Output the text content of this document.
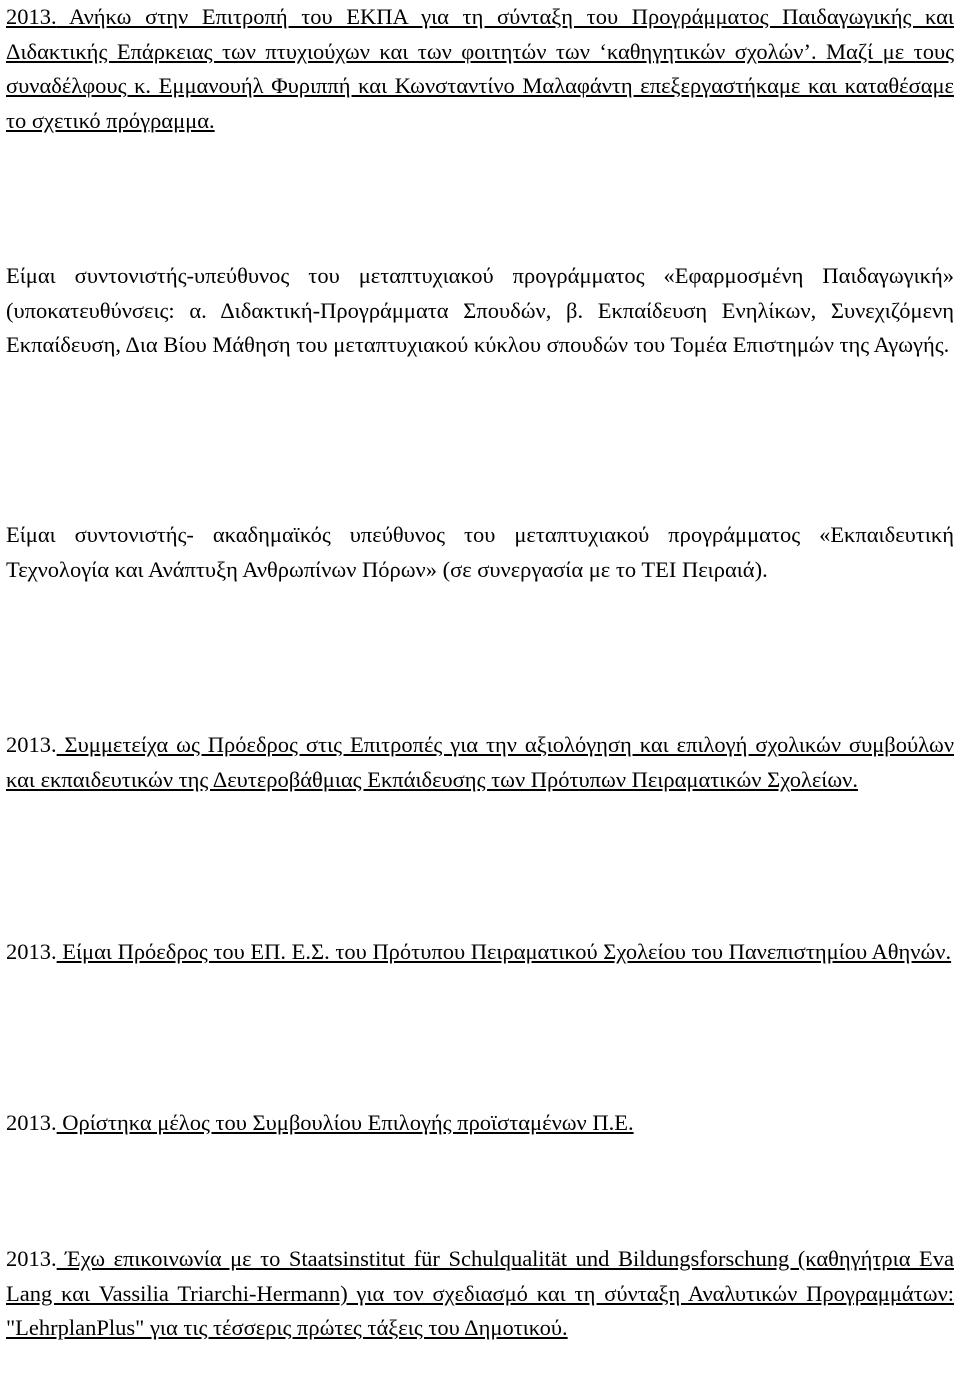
2013. Ανήκω στην Επιτροπή του ΕΚΠΑ για τη σύνταξη του Προγράμματος Παιδαγωγικής και Διδακτικής Επάρκειας των πτυχιούχων και των φοιτητών των ‘καθηγητικών σχολών’. Μαζί με τους συναδέλφους κ. Εμμανουήλ Φυριππή και Κωνσταντίνο Μαλαφάντη επεξεργαστήκαμε και καταθέσαμε το σχετικό πρόγραμμα.

Είμαι συντονιστής-υπεύθυνος του μεταπτυχιακού προγράμματος «Εφαρμοσμένη Παιδαγωγική» (υποκατευθύνσεις: α. Διδακτική-Προγράμματα Σπουδών, β. Εκπαίδευση Ενηλίκων, Συνεχιζόμενη Εκπαίδευση, Δια Βίου Μάθηση του μεταπτυχιακού κύκλου σπουδών του Τομέα Επιστημών της Αγωγής.

Είμαι συντονιστής- ακαδημαϊκός υπεύθυνος του μεταπτυχιακού προγράμματος «Εκπαιδευτική Τεχνολογία και Ανάπτυξη Ανθρωπίνων Πόρων» (σε συνεργασία με το ΤΕΙ Πειραιά).

2013. Συμμετείχα ως Πρόεδρος στις Επιτροπές για την αξιολόγηση και επιλογή σχολικών συμβούλων και εκπαιδευτικών της Δευτεροβάθμιας Εκπάιδευσης των Πρότυπων Πειραματικών Σχολείων.

2013. Είμαι Πρόεδρος του ΕΠ. Ε.Σ. του Πρότυπου Πειραματικού Σχολείου του Πανεπιστημίου Αθηνών.

2013. Ορίστηκα μέλος του Συμβουλίου Επιλογής προϊσταμένων Π.Ε.

2013. Έχω επικοινωνία με το Staatsinstitut für Schulqualität und Bildungsforschung (καθηγήτρια Eva Lang και Vassilia Triarchi-Hermann) για τον σχεδιασμό και τη σύνταξη Αναλυτικών Προγραμμάτων: "LehrplanPlus" για τις τέσσερις πρώτες τάξεις του Δημοτικού.
